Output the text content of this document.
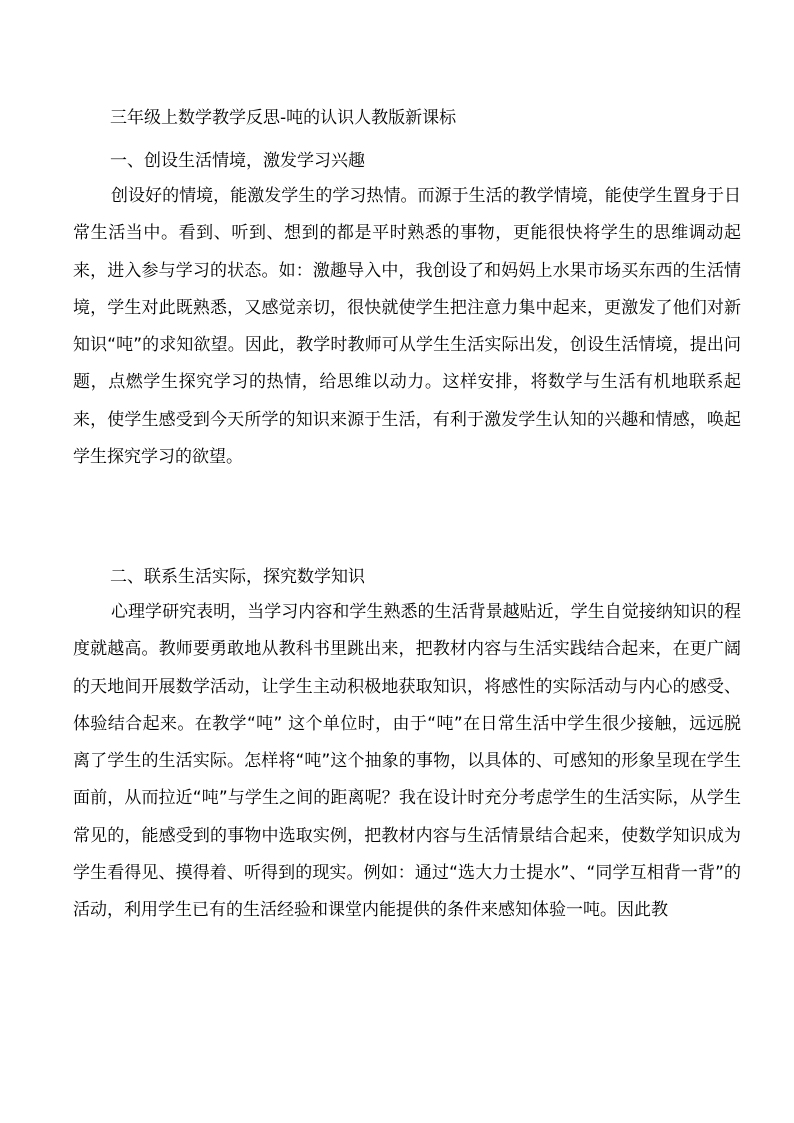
三年级上数学教学反思-吨的认识人教版新课标
一、创设生活情境，激发学习兴趣

创设好的情境，能激发学生的学习热情。而源于生活的教学情境，能使学生置身于日常生活当中。看到、听到、想到的都是平时熟悉的事物，更能很快将学生的思维调动起来，进入参与学习的状态。如：激趣导入中，我创设了和妈妈上水果市场买东西的生活情境，学生对此既熟悉，又感觉亲切，很快就使学生把注意力集中起来，更激发了他们对新知识“吨”的求知欲望。因此，教学时教师可从学生生活实际出发，创设生活情境，提出问题，点燃学生探究学习的热情，给思维以动力。这样安排，将数学与生活有机地联系起来，使学生感受到今天所学的知识来源于生活，有利于激发学生认知的兴趣和情感，唤起学生探究学习的欲望。

二、联系生活实际，探究数学知识

心理学研究表明，当学习内容和学生熟悉的生活背景越贴近，学生自觉接纳知识的程度就越高。教师要勇敢地从教科书里跳出来，把教材内容与生活实践结合起来，在更广阔的天地间开展数学活动，让学生主动积极地获取知识，将感性的实际活动与内心的感受、体验结合起来。在教学“吨” 这个单位时，由于“吨”在日常生活中学生很少接触，远远脱离了学生的生活实际。怎样将“吨”这个抽象的事物，以具体的、可感知的形象呈现在学生面前，从而拉近“吨”与学生之间的距离呢？我在设计时充分考虑学生的生活实际，从学生常见的，能感受到的事物中选取实例，把教材内容与生活情景结合起来，使数学知识成为学生看得见、摸得着、听得到的现实。例如：通过“选大力士提水”、“同学互相背一背”的活动，利用学生已有的生活经验和课堂内能提供的条件来感知体验一吨。因此教
